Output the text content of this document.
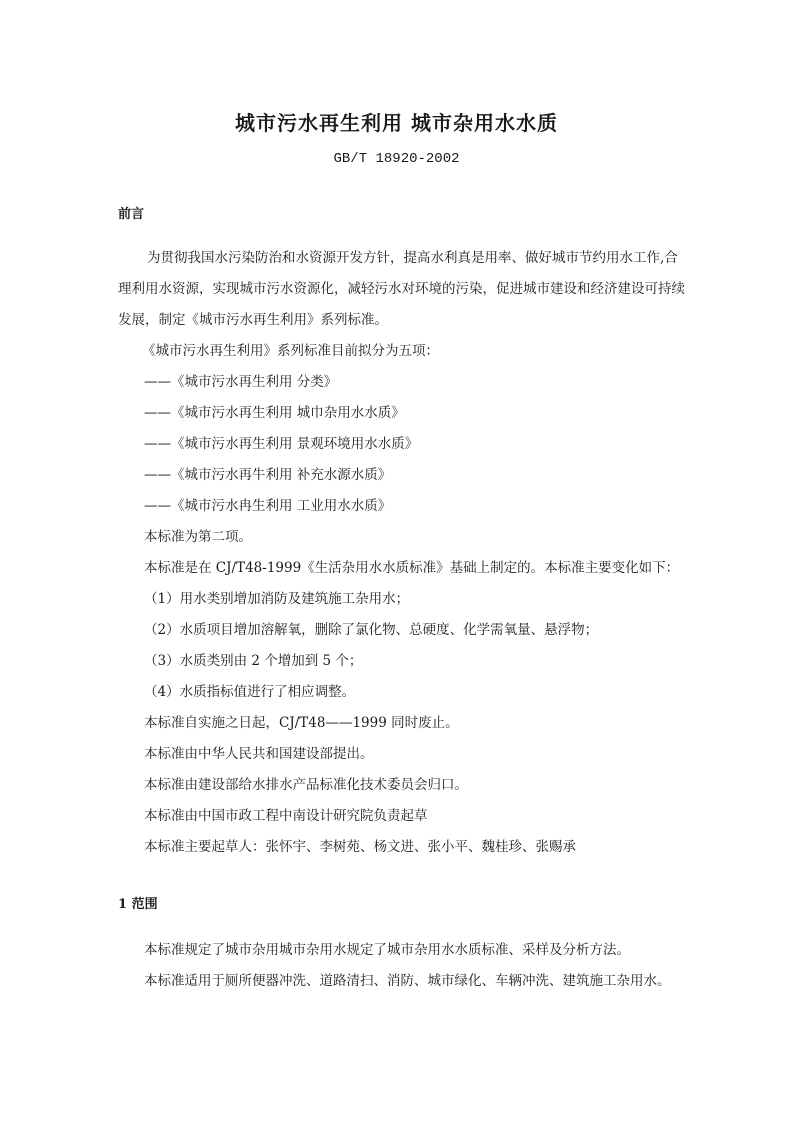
城市污水再生利用 城市杂用水水质
GB/T 18920-2002
前言
为贯彻我国水污染防治和水资源开发方针，提高水利真是用率、做好城市节约用水工作,合
理利用水资源，实现城市污水资源化，减轻污水对环境的污染，促进城市建设和经济建设可持续
发展，制定《城市污水再生利用》系列标准。
《城市污水再生利用》系列标准目前拟分为五项：
——《城市污水再生利用 分类》
——《城市污水再生利用 城巾杂用水水质》
——《城市污水再生利用 景观环境用水水质》
——《城市污水再牛利用 补充水源水质》
——《城市污水冉生利用 工业用水水质》
本标准为第二项。
本标准是在 CJ/T48-1999《生活杂用水水质标准》基础上制定的。本标准主要变化如下：
（1）用水类别增加消防及建筑施工杂用水；
（2）水质项目增加溶解氧，删除了氯化物、总硬度、化学需氧量、悬浮物；
（3）水质类别由 2 个增加到 5 个；
（4）水质指标值进行了相应调整。
本标准自实施之日起，CJ/T48——1999 同时废止。
本标准由中华人民共和国建设部提出。
本标准由建设部给水排水产品标准化技术委员会归口。
本标准由中国市政工程中南设计研究院负责起草
本标准主要起草人：张怀宇、李树苑、杨文进、张小平、魏桂珍、张赐承
1 范围
本标准规定了城市杂用城市杂用水规定了城市杂用水水质标准、采样及分析方法。
本标准适用于厕所便器冲洗、道路清扫、消防、城市绿化、车辆冲洗、建筑施工杂用水。
